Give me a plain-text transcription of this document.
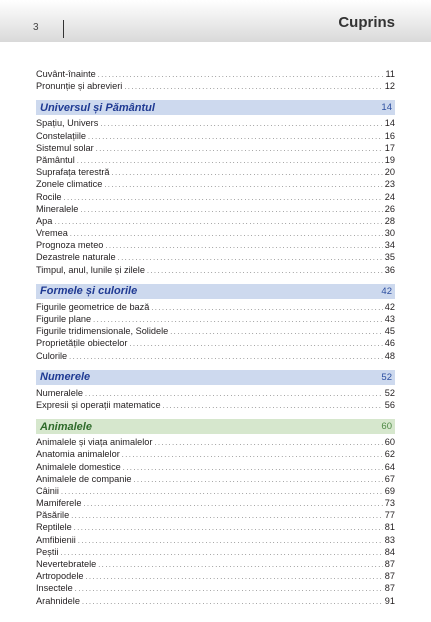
3	Cuprins
Cuvânt-înainte .....	11
Pronunție și abrevieri .....	12
Universul și Pământul	14
Spațiu, Univers .....	14
Constelațiile .....	16
Sistemul solar .....	17
Pământul .....	19
Suprafața terestră .....	20
Zonele climatice .....	23
Rocile .....	24
Mineralele .....	26
Apa .....	28
Vremea .....	30
Prognoza meteo .....	34
Dezastrele naturale .....	35
Timpul, anul, lunile și zilele .....	36
Formele și culorile	42
Figurile geometrice de bază .....	42
Figurile plane .....	43
Figurile tridimensionale, Solidele .....	45
Proprietățile obiectelor .....	46
Culorile .....	48
Numerele	52
Numeralele .....	52
Expresii și operații matematice .....	56
Animalele	60
Animalele și viața animalelor .....	60
Anatomia animalelor .....	62
Animalele domestice .....	64
Animalele de companie .....	67
Câinii .....	69
Mamiferele .....	73
Păsările .....	77
Reptilele .....	81
Amfibienii .....	83
Peștii .....	84
Nevertebratele .....	87
Artropodele .....	87
Insectele .....	87
Arahnidele .....	91
